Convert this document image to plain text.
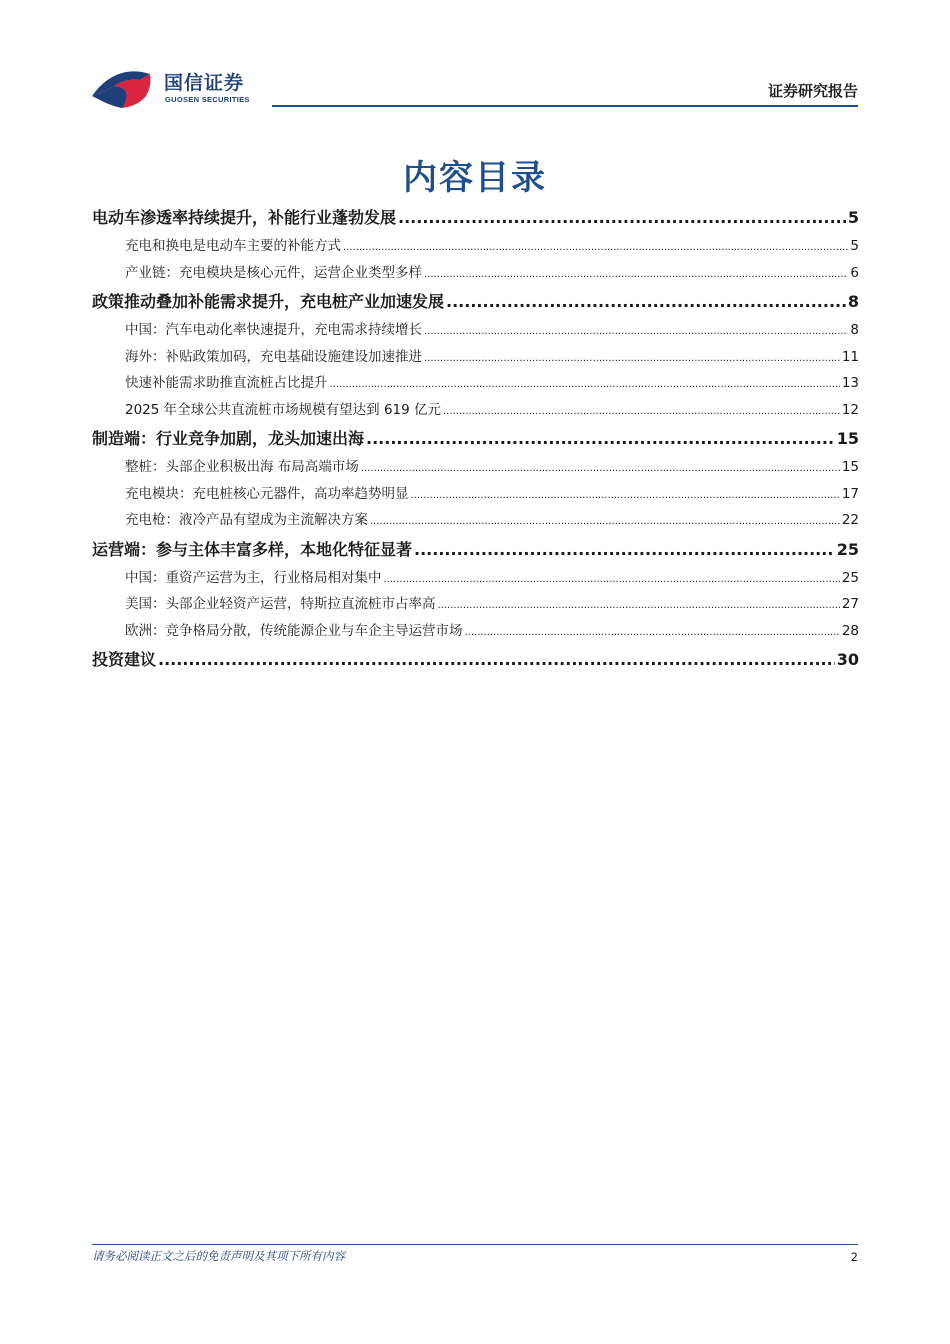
国信证券
GUOSEN SECURITIES	证券研究报告
内容目录
电动车渗透率持续提升，补能行业蓬勃发展 .....	5
充电和换电是电动车主要的补能方式 .....	5
产业链：充电模块是核心元件，运营企业类型多样 .....	6
政策推动叠加补能需求提升，充电桩产业加速发展 .....	8
中国：汽车电动化率快速提升，充电需求持续增长 .....	8
海外：补贴政策加码，充电基础设施建设加速推进 .....	11
快速补能需求助推直流桩占比提升 .....	13
2025 年全球公共直流桩市场规模有望达到 619 亿元 .....	12
制造端：行业竞争加剧，龙头加速出海 .....	15
整桩：头部企业积极出海 布局高端市场 .....	15
充电模块：充电桩核心元器件，高功率趋势明显 .....	17
充电枪：液冷产品有望成为主流解决方案 .....	22
运营端：参与主体丰富多样，本地化特征显著 .....	25
中国：重资产运营为主，行业格局相对集中 .....	25
美国：头部企业轻资产运营，特斯拉直流桩市占率高 .....	27
欧洲：竞争格局分散，传统能源企业与车企主导运营市场 .....	28
投资建议 .....	30
请务必阅读正文之后的免责声明及其项下所有内容	2
